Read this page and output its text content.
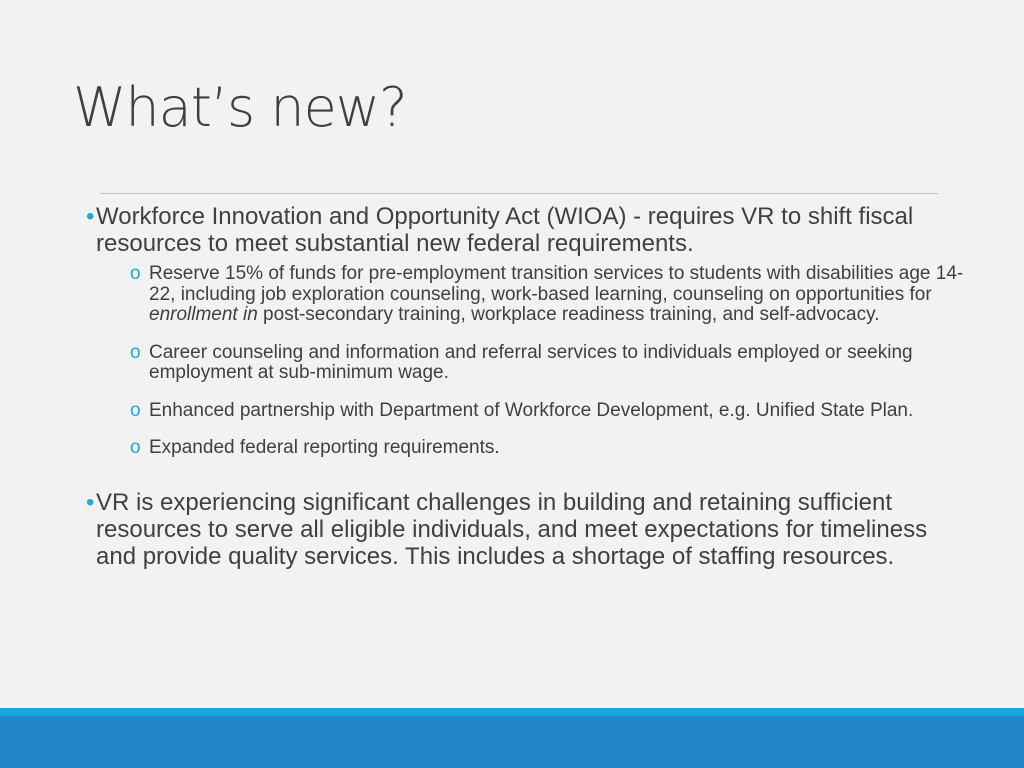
What’s new?
• Workforce Innovation and Opportunity Act (WIOA) - requires VR to shift fiscal resources to meet substantial new federal requirements.
o Reserve 15% of funds for pre-employment transition services to students with disabilities age 14-22, including job exploration counseling, work-based learning, counseling on opportunities for enrollment in post-secondary training, workplace readiness training, and self-advocacy.
o Career counseling and information and referral services to individuals employed or seeking employment at sub-minimum wage.
o Enhanced partnership with Department of Workforce Development, e.g. Unified State Plan.
o Expanded federal reporting requirements.
• VR is experiencing significant challenges in building and retaining sufficient resources to serve all eligible individuals, and meet expectations for timeliness and provide quality services. This includes a shortage of staffing resources.
